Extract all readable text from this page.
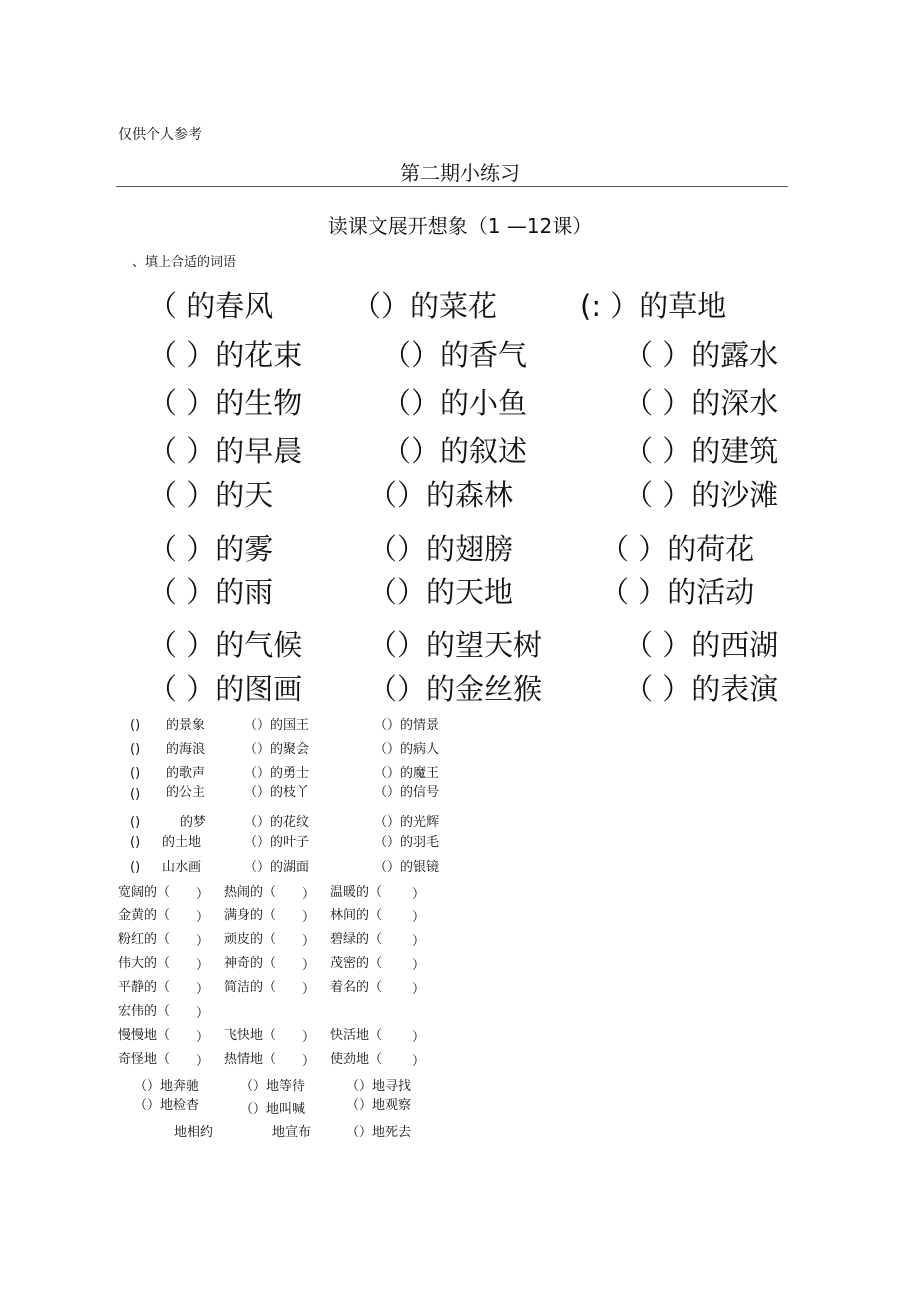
仅供个人参考
第二期小练习
读课文展开想象（1 —12课）
、填上合适的词语
（ 的春风	（）的菜花	(: ）的草地
（ ）的花束	（）的香气	（ ）的露水
（ ）的生物	（）的小鱼	（ ）的深水
（ ）的早晨	（）的叙述	（ ）的建筑
（ ）的天	（）的森林	（ ）的沙滩
（ ）的雾	（）的翅膀	（ ）的荷花
（ ）的雨	（）的天地	（ ）的活动
（ ）的气候 （）的望天树	（ ）的西湖
（ ）的图画 （）的金丝猴	（ ）的表演
() 的景象	（）的国王	（）的情景
() 的海浪	（）的聚会	（）的病人
() 的歌声	（）的勇士	（）的魔王
() 的公主	（）的枝丫	（）的信号
()	的梦	（）的花纹	（）的光辉
() 的土地	（）的叶子	（）的羽毛
() 山水画	（）的湖面	（）的银镜
宽阔的（ ） 热闹的（ ） 温暖的（ ）
金黄的（ ） 满身的（ ） 林间的（ ）
粉红的（ ） 顽皮的（ ） 碧绿的（ ）
伟大的（ ） 神奇的（ ） 茂密的（ ）
平静的（ ） 简洁的（ ） 着名的（ ）
宏伟的（ ）
慢慢地（ ） 飞快地（ ） 快活地（ ）
奇怪地（ ） 热情地（ ） 使劲地（ ）
（）地奔驰	（）地等待	（）地寻找
（）地检杳	（）地叫喊	（）地观察
地相约	地宣布	（）地死去
